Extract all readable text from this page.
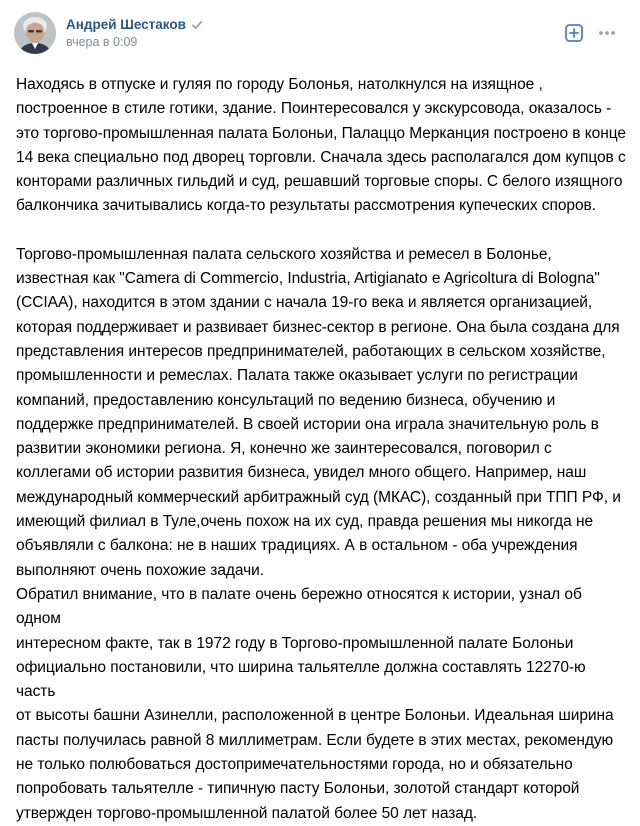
Андрей Шестаков
вчера в 0:09

Находясь в отпуске и гуляя по городу Болонья, натолкнулся на изящное ,
построенное в стиле готики, здание. Поинтересовался у экскурсовода, оказалось -
это торгово-промышленная палата Болоньи, Палаццо Мерканция построено в конце
14 века специально под дворец торговли. Сначала здесь располагался дом купцов с
конторами различных гильдий и суд, решавший торговые споры. С белого изящного
балкончика зачитывались когда-то результаты рассмотрения купеческих споров.

Торгово-промышленная палата сельского хозяйства и ремесел в Болонье,
известная как "Camera di Commercio, Industria, Artigianato e Agricoltura di Bologna"
(CCIAA), находится в этом здании с начала 19-го века и является организацией,
которая поддерживает и развивает бизнес-сектор в регионе. Она была создана для
представления интересов предпринимателей, работающих в сельском хозяйстве,
промышленности и ремеслах. Палата также оказывает услуги по регистрации
компаний, предоставлению консультаций по ведению бизнеса, обучению и
поддержке предпринимателей. В своей истории она играла значительную роль в
развитии экономики региона. Я, конечно же заинтересовался, поговорил с
коллегами об истории развития бизнеса, увидел много общего. Например, наш
международный коммерческий арбитражный суд (МКАС), созданный при ТПП РФ, и
имеющий филиал в Туле,очень похож на их суд, правда решения мы никогда не
объявляли с балкона: не в наших традициях. А в остальном - оба учреждения
выполняют очень похожие задачи.

Обратил внимание, что в палате очень бережно относятся к истории, узнал об одном
интересном факте, так в 1972 году в Торгово-промышленной палате Болоньи
официально постановили, что ширина тальятелле должна составлять 12270-ю часть
от высоты башни Азинелли, расположенной в центре Болоньи. Идеальная ширина
пасты получилась равной 8 миллиметрам. Если будете в этих местах, рекомендую
не только полюбоваться достопримечательностями города, но и обязательно
попробовать тальятелле - типичную пасту Болоньи, золотой стандарт которой
утвержден торгово-промышленной палатой более 50 лет назад.
